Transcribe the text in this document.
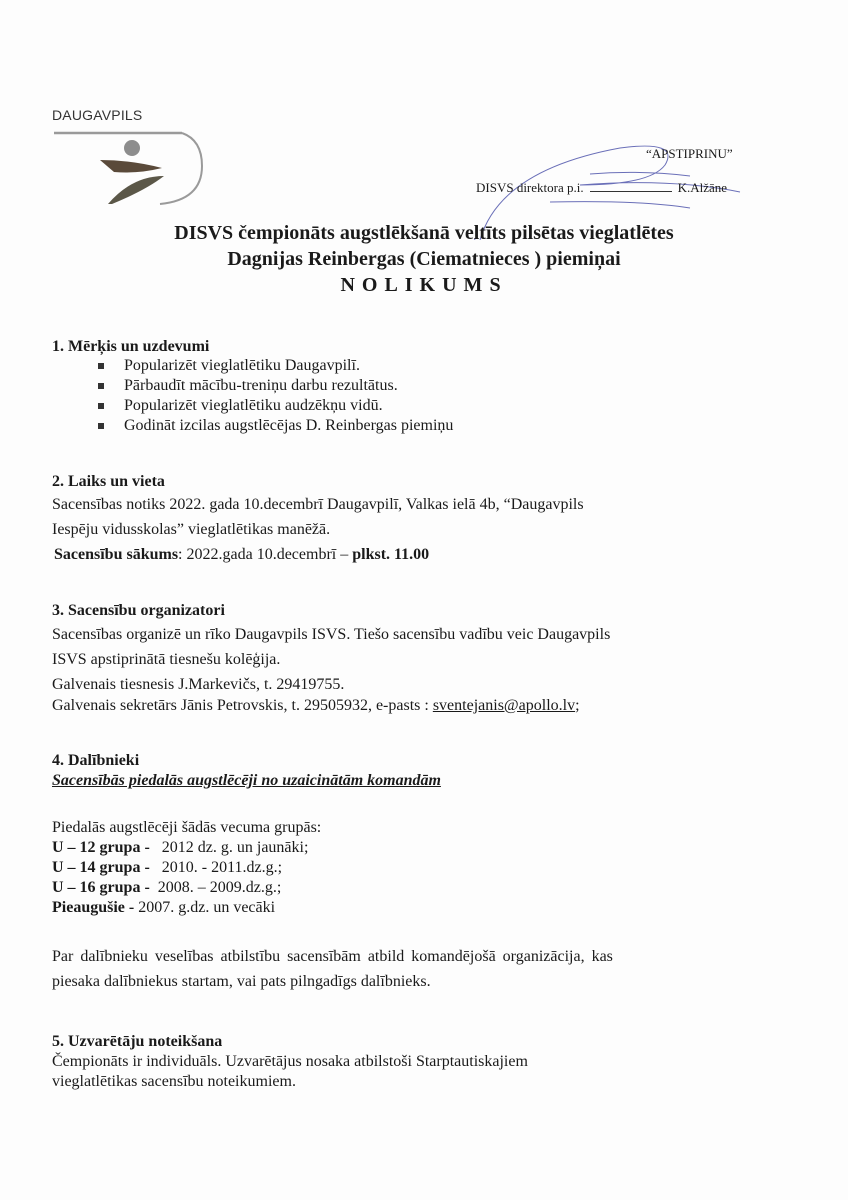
DAUGAVPILS
“APSTIPRINU”
DISVS direktora p.i.	K.Alžāne
DISVS čempionāts augstlēkšanā veltīts pilsētas vieglatlētes
Dagnijas Reinbergas (Ciematnieces ) piemiņai
NOLIKUMS
1. Mērķis un uzdevumi
Popularizēt vieglatlētiku Daugavpilī.
Pārbaudīt mācību-treniņu darbu rezultātus.
Popularizēt vieglatlētiku audzēkņu vidū.
Godināt izcilas augstlēcējas D. Reinbergas piemiņu
2. Laiks un vieta
Sacensības notiks 2022. gada 10.decembrī Daugavpilī, Valkas ielā 4b, “Daugavpils
Iespēju vidusskolas” vieglatlētikas manēžā.
Sacensību sākums: 2022.gada 10.decembrī – plkst. 11.00
3. Sacensību organizatori
Sacensības organizē un rīko Daugavpils ISVS. Tiešo sacensību vadību veic Daugavpils
ISVS apstiprinātā tiesnešu kolēģija.
Galvenais tiesnesis J.Markevičs, t. 29419755.
Galvenais sekretārs Jānis Petrovskis, t. 29505932, e-pasts : sventejanis@apollo.lv;
4. Dalībnieki
Sacensībās piedalās augstlēcēji no uzaicinātām komandām
Piedalās augstlēcēji šādās vecuma grupās:
U – 12 grupa -   2012 dz. g. un jaunāki;
U – 14 grupa -   2010. - 2011.dz.g.;
U – 16 grupa -  2008. – 2009.dz.g.;
Pieaugušie - 2007. g.dz. un vecāki
Par dalībnieku veselības atbilstību sacensībām atbild komandējošā organizācija, kas
piesaka dalībniekus startam, vai pats pilngadīgs dalībnieks.
5. Uzvarētāju noteikšana
Čempionāts ir individuāls. Uzvarētājus nosaka atbilstoši Starptautiskajiem
vieglatlētikas sacensību noteikumiem.
